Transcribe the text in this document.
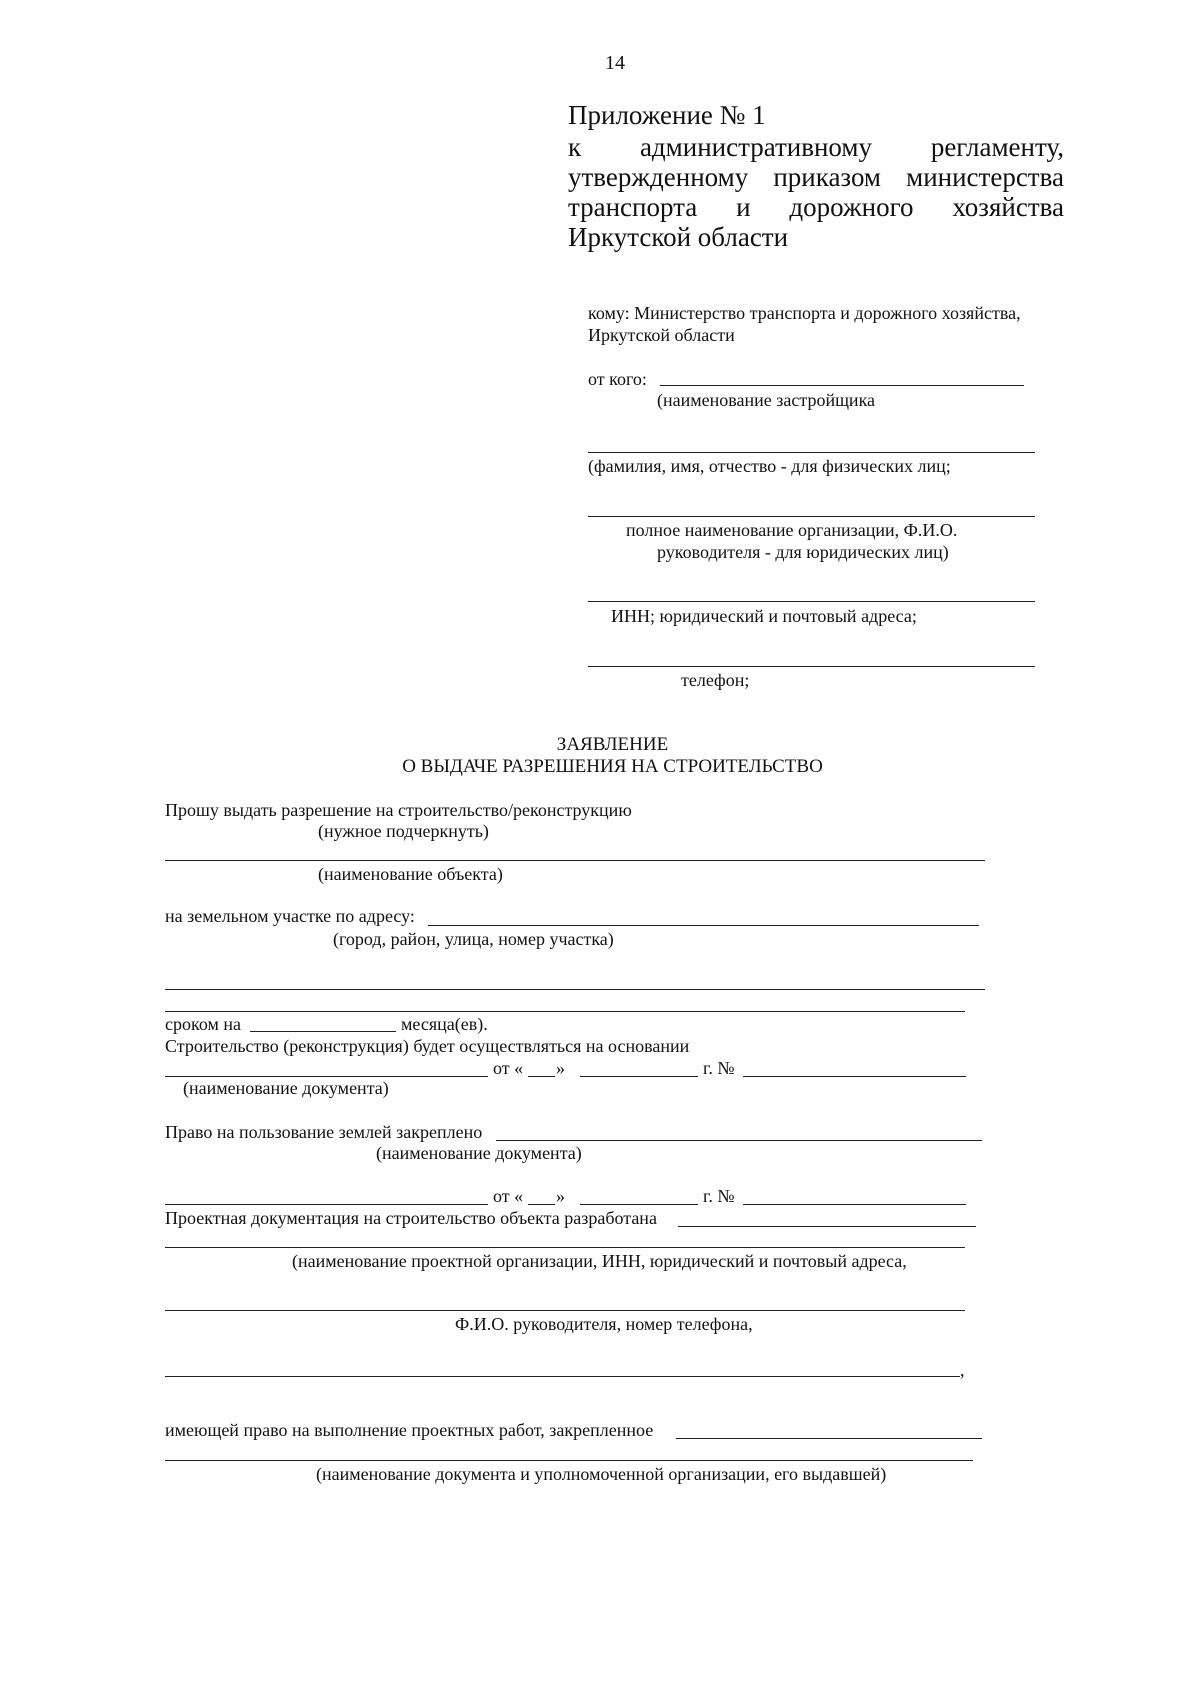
14
Приложение № 1
к административному регламенту,
утвержденному приказом министерства
транспорта и дорожного хозяйства
Иркутской области
кому: Министерство транспорта и дорожного хозяйства,
Иркутской области
от кого:
(наименование застройщика
(фамилия, имя, отчество - для физических лиц;
полное наименование организации, Ф.И.О.
руководителя - для юридических лиц)
ИНН; юридический и почтовый адреса;
телефон;
ЗАЯВЛЕНИЕ
О ВЫДАЧЕ РАЗРЕШЕНИЯ НА СТРОИТЕЛЬСТВО
Прошу выдать разрешение на строительство/реконструкцию
(нужное подчеркнуть)
(наименование объекта)
на земельном участке по адресу:
(город, район, улица, номер участка)
сроком на	месяца(ев).
Строительство (реконструкция) будет осуществляться на основании
от « »	г. №
(наименование документа)
Право на пользование землей закреплено
(наименование документа)
от « »	г. №
Проектная документация на строительство объекта разработана
(наименование проектной организации, ИНН, юридический и почтовый адреса,
Ф.И.О. руководителя, номер телефона,
,
имеющей право на выполнение проектных работ, закрепленное
(наименование документа и уполномоченной организации, его выдавшей)
